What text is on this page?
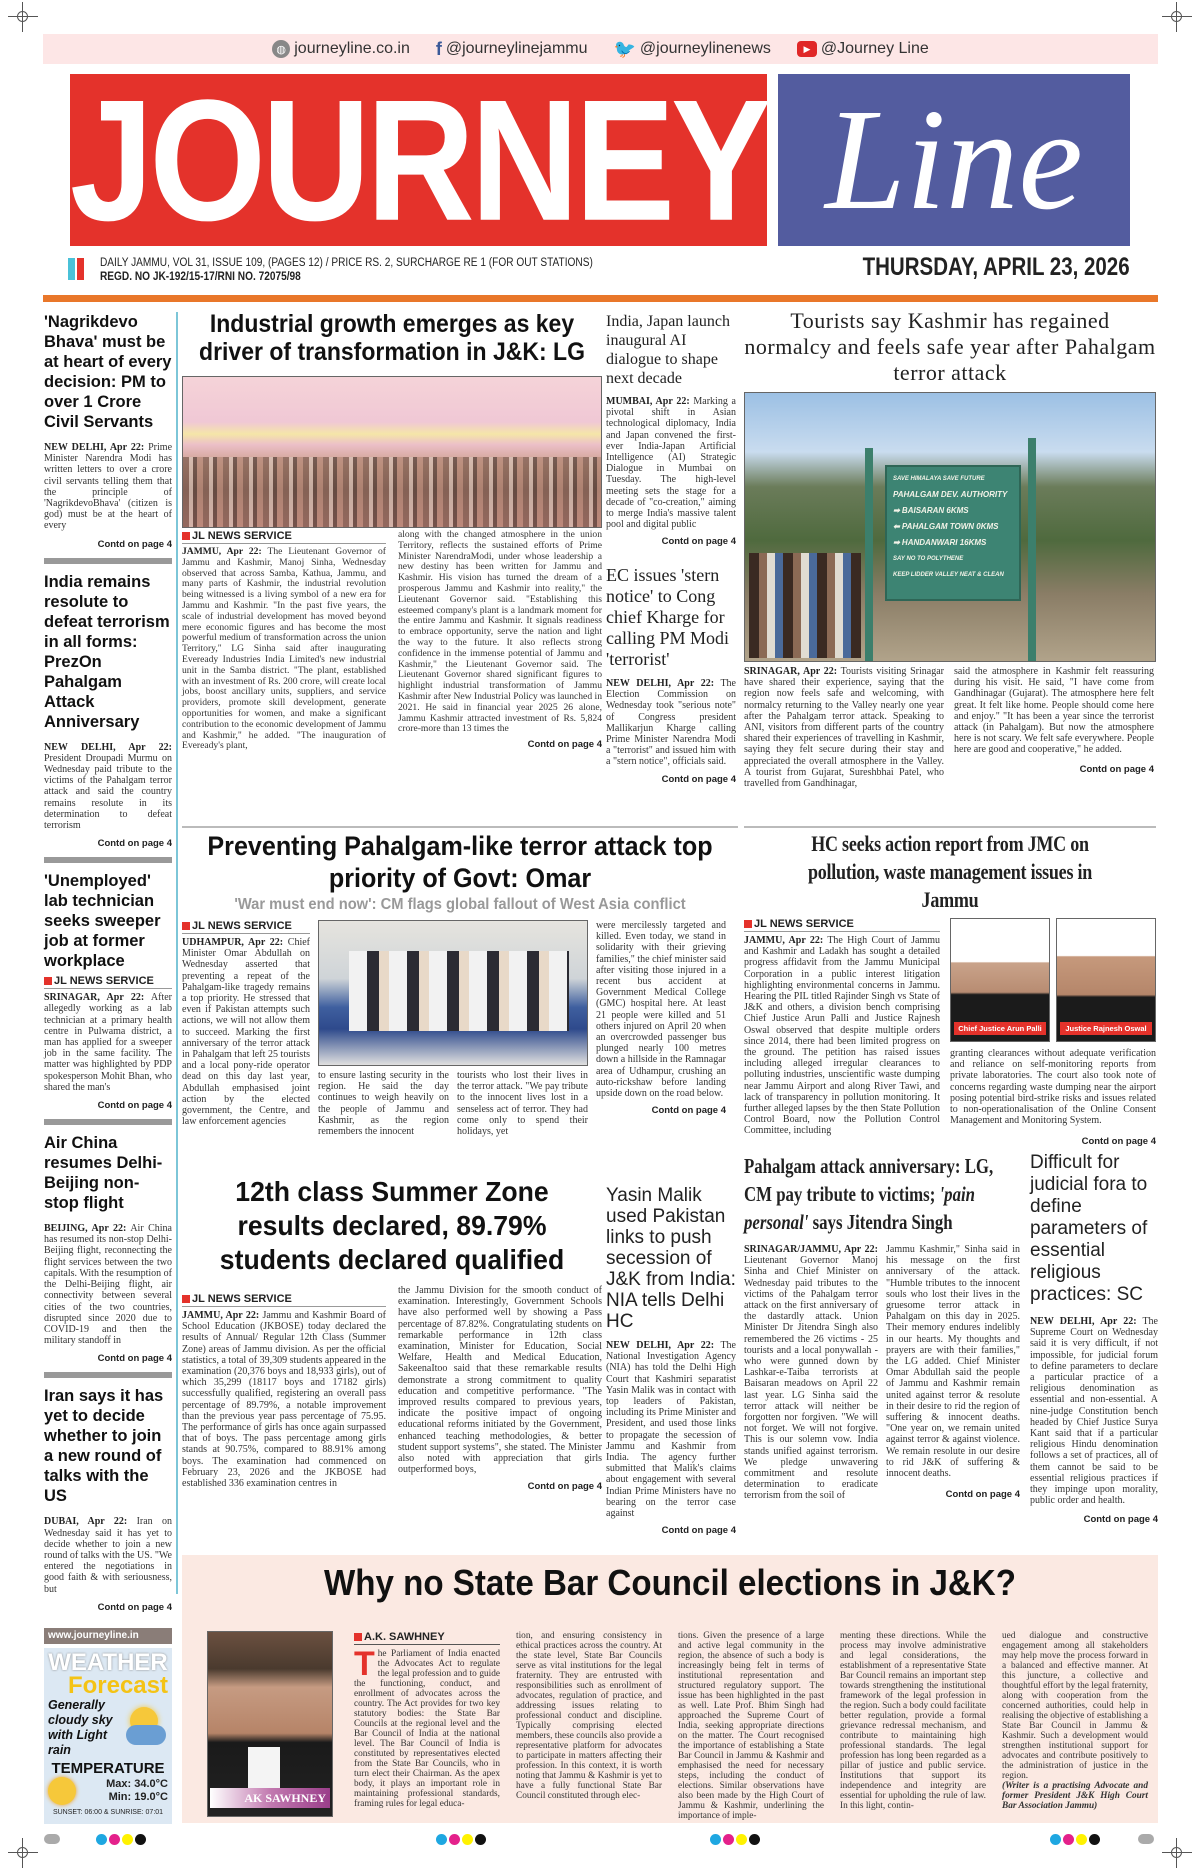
◍ journeyline.co.in f @journeylinejammu 🐦 @journeylinenews	▶ @Journey Line
JOURNEY Line
DAILY JAMMU, VOL 31, ISSUE 109, (PAGES 12) / PRICE RS. 2, SURCHARGE RE 1 (FOR OUT STATIONS)
REGD. NO JK-192/15-17/RNI NO. 72075/98	THURSDAY, APRIL 23, 2026
'Nagrikdevo Bhava' must be at heart of every decision: PM to over 1 Crore Civil Servants
NEW DELHI, Apr 22: Prime Minister Narendra Modi has written letters to over a crore civil servants telling them that the principle of 'NagrikdevoBhava' (citizen is god) must be at the heart of every
Contd on page 4
India remains resolute to defeat terrorism in all forms: PrezOn Pahalgam Attack Anniversary
NEW DELHI, Apr 22: President Droupadi Murmu on Wednesday paid tribute to the victims of the Pahalgam terror attack and said the country remains resolute in its determination to defeat terrorism
Contd on page 4
'Unemployed' lab technician seeks sweeper job at former workplace
JL NEWS SERVICE
SRINAGAR, Apr 22: After allegedly working as a lab technician at a primary health centre in Pulwama district, a man has applied for a sweeper job in the same facility. The matter was highlighted by PDP spokesperson Mohit Bhan, who shared the man's
Contd on page 4
Air China resumes Delhi-Beijing non-stop flight
BEIJING, Apr 22: Air China has resumed its non-stop Delhi-Beijing flight, reconnecting the flight services between the two capitals. With the resumption of the Delhi-Beijing flight, air connectivity between several cities of the two countries, disrupted since 2020 due to COVID-19 and then the military standoff in
Contd on page 4
Iran says it has yet to decide whether to join a new round of talks with the US
DUBAI, Apr 22: Iran on Wednesday said it has yet to decide whether to join a new round of talks with the US. "We entered the negotiations in good faith & with seriousness, but
Contd on page 4
www.journeyline.in
WEATHER
Forecast
Generally cloudy sky with Light rain
TEMPERATURE
Max: 34.0°C
Min: 19.0°C
SUNSET: 06:00 & SUNRISE: 07:01
Industrial growth emerges as key driver of transformation in J&K: LG
JL NEWS SERVICE
JAMMU, Apr 22: The Lieutenant Governor of Jammu and Kashmir, Manoj Sinha, Wednesday observed that across Samba, Kathua, Jammu, and many parts of Kashmir, the industrial revolution being witnessed is a living symbol of a new era for Jammu and Kashmir. "In the past five years, the scale of industrial development has moved beyond mere economic figures and has become the most powerful medium of transformation across the union Territory," LG Sinha said after inaugurating Eveready Industries India Limited's new industrial unit in the Samba district. "The plant, established with an investment of Rs. 200 crore, will create local jobs, boost ancillary units, suppliers, and service providers, promote skill development, generate opportunities for women, and make a significant contribution to the economic development of Jammu and Kashmir," he added. "The inauguration of Eveready's plant,
along with the changed atmosphere in the union Territory, reflects the sustained efforts of Prime Minister NarendraModi, under whose leadership a new destiny has been written for Jammu and Kashmir. His vision has turned the dream of a prosperous Jammu and Kashmir into reality," the Lieutenant Governor said. "Establishing this esteemed company's plant is a landmark moment for the entire Jammu and Kashmir. It signals readiness to embrace opportunity, serve the nation and light the way to the future. It also reflects strong confidence in the immense potential of Jammu and Kashmir," the Lieutenant Governor said. The Lieutenant Governor shared significant figures to highlight industrial transformation of Jammu Kashmir after New Industrial Policy was launched in 2021. He said in financial year 2025 26 alone, Jammu Kashmir attracted investment of Rs. 5,824 crore-more than 13 times the
Contd on page 4
India, Japan launch inaugural AI dialogue to shape next decade
MUMBAI, Apr 22: Marking a pivotal shift in Asian technological diplomacy, India and Japan convened the first-ever India-Japan Artificial Intelligence (AI) Strategic Dialogue in Mumbai on Tuesday. The high-level meeting sets the stage for a decade of "co-creation," aiming to merge India's massive talent pool and digital public
Contd on page 4
EC issues 'stern notice' to Cong chief Kharge for calling PM Modi 'terrorist'
NEW DELHI, Apr 22: The Election Commission on Wednesday took "serious note" of Congress president Mallikarjun Kharge calling Prime Minister Narendra Modi a "terrorist" and issued him with a "stern notice", officials said.
Contd on page 4
Tourists say Kashmir has regained normalcy and feels safe year after Pahalgam terror attack
SAVE HIMALAYA SAVE FUTURE
PAHALGAM DEV. AUTHORITY
➡ BAISARAN 6KMS
⬅ PAHALGAM TOWN 0KMS
➡ HANDANWARI 16KMS
SAY NO TO POLYTHENE
KEEP LIDDER VALLEY NEAT & CLEAN
SRINAGAR, Apr 22: Tourists visiting Srinagar have shared their experience, saying that the region now feels safe and welcoming, with normalcy returning to the Valley nearly one year after the Pahalgam terror attack. Speaking to ANI, visitors from different parts of the country shared their experiences of travelling in Kashmir, saying they felt secure during their stay and appreciated the overall atmosphere in the Valley. A tourist from Gujarat, Sureshbhai Patel, who travelled from Gandhinagar,
said the atmosphere in Kashmir felt reassuring during his visit. He said, "I have come from Gandhinagar (Gujarat). The atmosphere here felt great. It felt like home. People should come here and enjoy." "It has been a year since the terrorist attack (in Pahalgam). But now the atmosphere here is not scary. We felt safe everywhere. People here are good and cooperative," he added.
Contd on page 4
Preventing Pahalgam-like terror attack top priority of Govt: Omar
'War must end now': CM flags global fallout of West Asia conflict
JL NEWS SERVICE
UDHAMPUR, Apr 22: Chief Minister Omar Abdullah on Wednesday asserted that preventing a repeat of the Pahalgam-like tragedy remains a top priority. He stressed that even if Pakistan attempts such actions, we will not allow them to succeed. Marking the first anniversary of the terror attack in Pahalgam that left 25 tourists and a local pony-ride operator dead on this day last year, Abdullah emphasised joint action by the elected government, the Centre, and law enforcement agencies
to ensure lasting security in the region. He said the day continues to weigh heavily on the people of Jammu and Kashmir, as the region remembers the innocent
tourists who lost their lives in the terror attack. "We pay tribute to the innocent lives lost in a senseless act of terror. They had come only to spend their holidays, yet
were mercilessly targeted and killed. Even today, we stand in solidarity with their grieving families," the chief minister said after visiting those injured in a recent bus accident at Government Medical College (GMC) hospital here. At least 21 people were killed and 51 others injured on April 20 when an overcrowded passenger bus plunged nearly 100 metres down a hillside in the Ramnagar area of Udhampur, crushing an auto-rickshaw before landing upside down on the road below.
Contd on page 4
HC seeks action report from JMC on pollution, waste management issues in Jammu
JL NEWS SERVICE
JAMMU, Apr 22: The High Court of Jammu and Kashmir and Ladakh has sought a detailed progress affidavit from the Jammu Municipal Corporation in a public interest litigation highlighting environmental concerns in Jammu. Hearing the PIL titled Rajinder Singh vs State of J&K and others, a division bench comprising Chief Justice Arun Palli and Justice Rajnesh Oswal observed that despite multiple orders since 2014, there had been limited progress on the ground. The petition has raised issues including alleged irregular clearances to polluting industries, unscientific waste dumping near Jammu Airport and along River Tawi, and lack of transparency in pollution monitoring. It further alleged lapses by the then State Pollution Control Board, now the Pollution Control Committee, including
Chief Justice Arun Palli	Justice Rajnesh Oswal
granting clearances without adequate verification and reliance on self-monitoring reports from private laboratories. The court also took note of concerns regarding waste dumping near the airport posing potential bird-strike risks and issues related to non-operationalisation of the Online Consent Management and Monitoring System.
Contd on page 4
12th class Summer Zone results declared, 89.79% students declared qualified
JL NEWS SERVICE
JAMMU, Apr 22: Jammu and Kashmir Board of School Education (JKBOSE) today declared the results of Annual/ Regular 12th Class (Summer Zone) areas of Jammu division. As per the official statistics, a total of 39,309 students appeared in the examination (20,376 boys and 18,933 girls), out of which 35,299 (18117 boys and 17182 girls) successfully qualified, registering an overall pass percentage of 89.79%, a notable improvement than the previous year pass percentage of 75.95. The performance of girls has once again surpassed that of boys. The pass percentage among girls stands at 90.75%, compared to 88.91% among boys. The examination had commenced on February 23, 2026 and the JKBOSE had established 336 examination centres in
the Jammu Division for the smooth conduct of examination. Interestingly, Government Schools have also performed well by showing a Pass percentage of 87.82%. Congratulating students on remarkable performance in 12th class examination, Minister for Education, Social Welfare, Health and Medical Education, SakeenaItoo said that these remarkable results demonstrate a strong commitment to quality education and competitive performance. "The improved results compared to previous years, indicate the positive impact of ongoing educational reforms initiated by the Government, enhanced teaching methodologies, & better student support systems", she stated. The Minister also noted with appreciation that girls outperformed boys,
Contd on page 4
Yasin Malik used Pakistan links to push secession of J&K from India: NIA tells Delhi HC
NEW DELHI, Apr 22: The National Investigation Agency (NIA) has told the Delhi High Court that Kashmiri separatist Yasin Malik was in contact with top leaders of Pakistan, including its Prime Minister and President, and used those links to propagate the secession of Jammu and Kashmir from India. The agency further submitted that Malik's claims about engagement with several Indian Prime Ministers have no bearing on the terror case against
Contd on page 4
Pahalgam attack anniversary: LG, CM pay tribute to victims; 'pain personal' says Jitendra Singh
SRINAGAR/JAMMU, Apr 22: Lieutenant Governor Manoj Sinha and Chief Minister on Wednesday paid tributes to the victims of the Pahalgam terror attack on the first anniversary of the dastardly attack. Union Minister Dr Jitendra Singh also remembered the 26 victims - 25 tourists and a local ponywallah - who were gunned down by Lashkar-e-Taiba terrorists at Baisaran meadows on April 22 last year. LG Sinha said the terror attack will neither be forgotten nor forgiven. "We will not forget. We will not forgive. This is our solemn vow. India stands unified against terrorism. We pledge unwavering commitment and resolute determination to eradicate terrorism from the soil of
Jammu Kashmir," Sinha said in his message on the first anniversary of the attack. "Humble tributes to the innocent souls who lost their lives in the gruesome terror attack in Pahalgam on this day in 2025. Their memory endures indelibly in our hearts. My thoughts and prayers are with their families," the LG added. Chief Minister Omar Abdullah said the people of Jammu and Kashmir remain united against terror & resolute in their desire to rid the region of suffering & innocent deaths. "One year on, we remain united against terror & against violence. We remain resolute in our desire to rid J&K of suffering & innocent deaths.
Contd on page 4
Difficult for judicial fora to define parameters of essential religious practices: SC
NEW DELHI, Apr 22: The Supreme Court on Wednesday said it is very difficult, if not impossible, for judicial forum to define parameters to declare a particular practice of a religious denomination as essential and non-essential. A nine-judge Constitution bench headed by Chief Justice Surya Kant said that if a particular religious Hindu denomination follows a set of practices, all of them cannot be said to be essential religious practices if they impinge upon morality, public order and health.
Contd on page 4
Why no State Bar Council elections in J&K?
AK SAWHNEY
A.K. SAWHNEY
The Parliament of India enacted the Advocates Act to regulate the legal profession and to guide the functioning, conduct, and enrollment of advocates across the country. The Act provides for two key statutory bodies: the State Bar Councils at the regional level and the Bar Council of India at the national level. The Bar Council of India is constituted by representatives elected from the State Bar Councils, who in turn elect their Chairman. As the apex body, it plays an important role in maintaining professional standards, framing rules for legal educa-
tion, and ensuring consistency in ethical practices across the country. At the state level, State Bar Councils serve as vital institutions for the legal fraternity. They are entrusted with responsibilities such as enrollment of advocates, regulation of practice, and addressing issues relating to professional conduct and discipline. Typically comprising elected members, these councils also provide a representative platform for advocates to participate in matters affecting their profession. In this context, it is worth noting that Jammu & Kashmir is yet to have a fully functional State Bar Council constituted through elec-
tions. Given the presence of a large and active legal community in the region, the absence of such a body is increasingly being felt in terms of institutional representation and structured regulatory support. The issue has been highlighted in the past as well. Late Prof. Bhim Singh had approached the Supreme Court of India, seeking appropriate directions on the matter. The Court recognised the importance of establishing a State Bar Council in Jammu & Kashmir and emphasised the need for necessary steps, including the conduct of elections. Similar observations have also been made by the High Court of Jammu & Kashmir, underlining the importance of imple-
menting these directions. While the process may involve administrative and legal considerations, the establishment of a representative State Bar Council remains an important step towards strengthening the institutional framework of the legal profession in the region. Such a body could facilitate better regulation, provide a formal grievance redressal mechanism, and contribute to maintaining high professional standards. The legal profession has long been regarded as a pillar of justice and public service. Institutions that support its independence and integrity are essential for upholding the rule of law. In this light, contin-
ued dialogue and constructive engagement among all stakeholders may help move the process forward in a balanced and effective manner. At this juncture, a collective and thoughtful effort by the legal fraternity, along with cooperation from the concerned authorities, could help in realising the objective of establishing a State Bar Council in Jammu & Kashmir. Such a development would strengthen institutional support for advocates and contribute positively to the administration of justice in the region.
(Writer is a practising Advocate and former President J&K High Court Bar Association Jammu)
